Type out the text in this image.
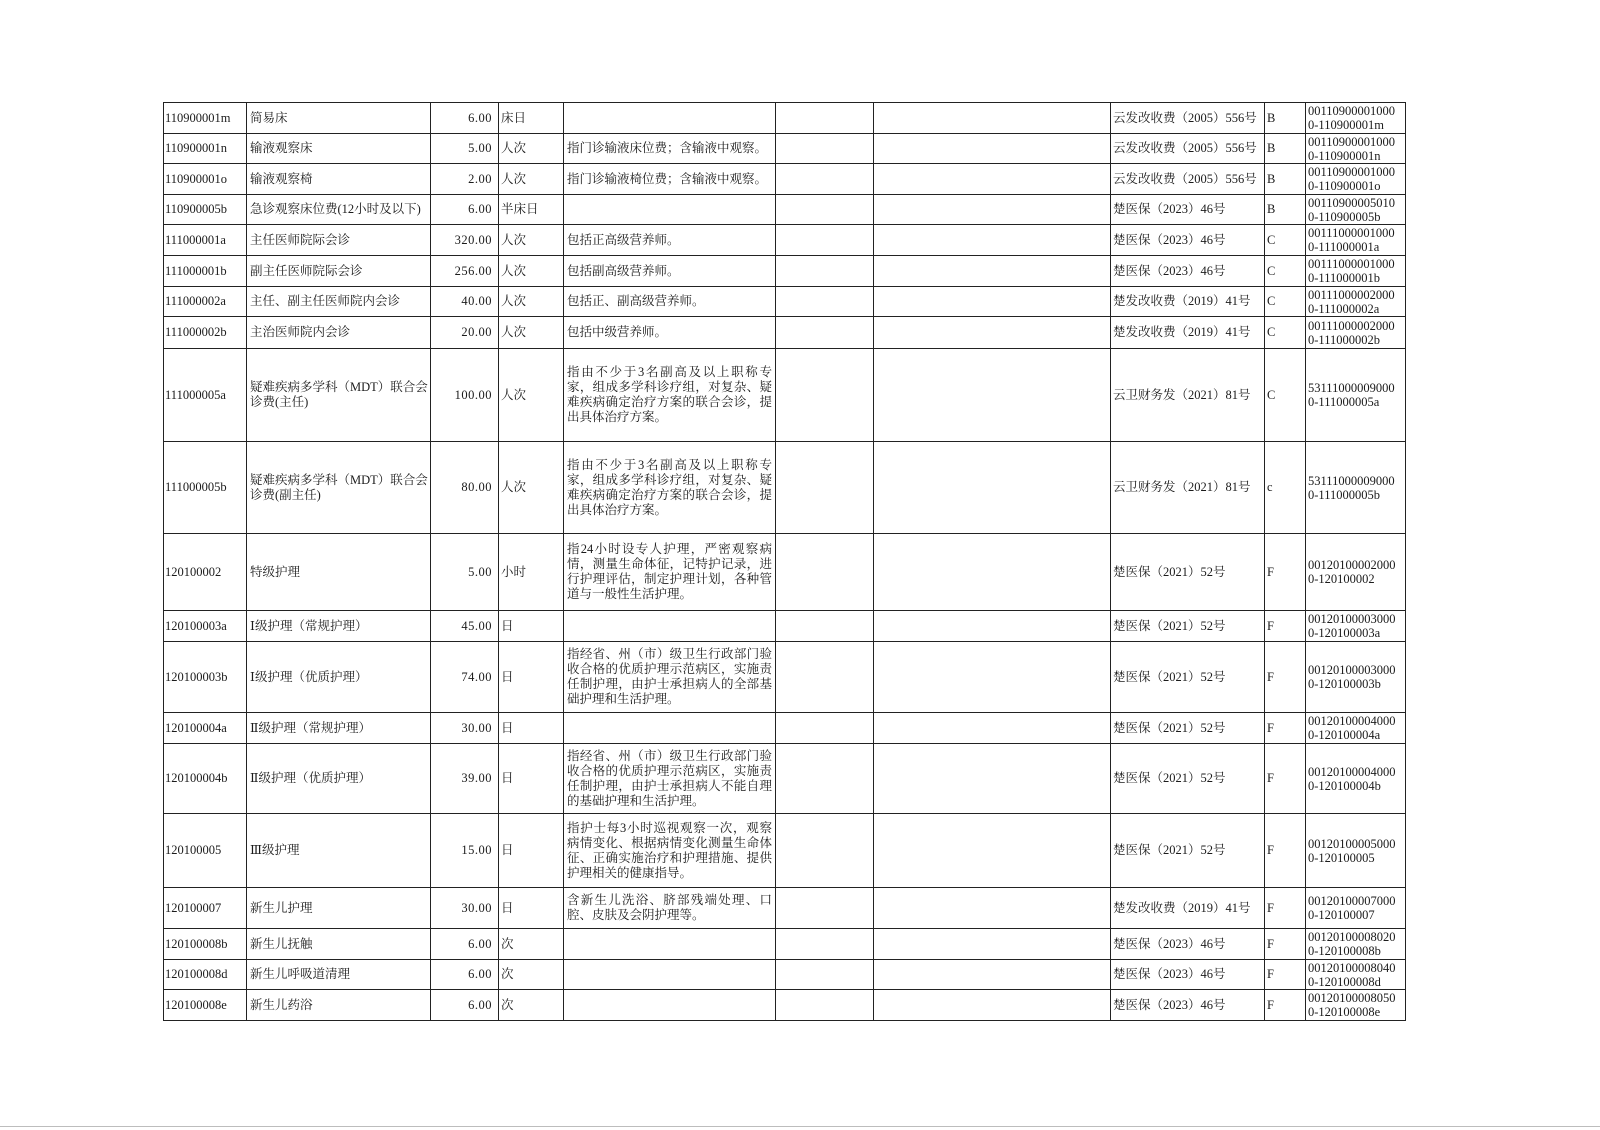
110900001m	简易床	6.00	床日				云发改收费（2005）556号	B	001109000010000-110900001m

110900001n	输液观察床	5.00	人次	指门诊输液床位费；含输液中观察。			云发改收费（2005）556号	B	001109000010000-110900001n

110900001o	输液观察椅	2.00	人次	指门诊输液椅位费；含输液中观察。			云发改收费（2005）556号	B	001109000010000-110900001o

110900005b	急诊观察床位费(12小时及以下)	6.00	半床日				楚医保（2023）46号	B	001109000050100-110900005b

111000001a	主任医师院际会诊	320.00	人次	包括正高级营养师。			楚医保（2023）46号	C	001110000010000-111000001a

111000001b	副主任医师院际会诊	256.00	人次	包括副高级营养师。			楚医保（2023）46号	C	001110000010000-111000001b

111000002a	主任、副主任医师院内会诊	40.00	人次	包括正、副高级营养师。			楚发改收费（2019）41号	C	001110000020000-111000002a

111000002b	主治医师院内会诊	20.00	人次	包括中级营养师。			楚发改收费（2019）41号	C	001110000020000-111000002b

111000005a	疑难疾病多学科（MDT）联合会诊费(主任)	100.00	人次	指由不少于3名副高及以上职称专家，组成多学科诊疗组，对复杂、疑难疾病确定治疗方案的联合会诊，提出具体治疗方案。			云卫财务发（2021）81号	C	531110000090000-111000005a

111000005b	疑难疾病多学科（MDT）联合会诊费(副主任)	80.00	人次	指由不少于3名副高及以上职称专家，组成多学科诊疗组，对复杂、疑难疾病确定治疗方案的联合会诊，提出具体治疗方案。			云卫财务发（2021）81号	c	531110000090000-111000005b

120100002	特级护理	5.00	小时	指24小时设专人护理，严密观察病情，测量生命体征，记特护记录，进行护理评估，制定护理计划，各种管道与一般性生活护理。			楚医保（2021）52号	F	001201000020000-120100002

120100003a	Ⅰ级护理（常规护理）	45.00	日				楚医保（2021）52号	F	001201000030000-120100003a

120100003b	Ⅰ级护理（优质护理）	74.00	日	指经省、州（市）级卫生行政部门验收合格的优质护理示范病区，实施责任制护理，由护士承担病人的全部基础护理和生活护理。			楚医保（2021）52号	F	001201000030000-120100003b

120100004a	Ⅱ级护理（常规护理）	30.00	日				楚医保（2021）52号	F	001201000040000-120100004a

120100004b	Ⅱ级护理（优质护理）	39.00	日	指经省、州（市）级卫生行政部门验收合格的优质护理示范病区，实施责任制护理，由护士承担病人不能自理的基础护理和生活护理。			楚医保（2021）52号	F	001201000040000-120100004b

120100005	Ⅲ级护理	15.00	日	指护士每3小时巡视观察一次，观察病情变化、根据病情变化测量生命体征、正确实施治疗和护理措施、提供护理相关的健康指导。			楚医保（2021）52号	F	001201000050000-120100005

120100007	新生儿护理	30.00	日	含新生儿洗浴、脐部残端处理、口腔、皮肤及会阴护理等。			楚发改收费（2019）41号	F	001201000070000-120100007

120100008b	新生儿抚触	6.00	次				楚医保（2023）46号	F	001201000080200-120100008b

120100008d	新生儿呼吸道清理	6.00	次				楚医保（2023）46号	F	001201000080400-120100008d

120100008e	新生儿药浴	6.00	次				楚医保（2023）46号	F	001201000080500-120100008e
